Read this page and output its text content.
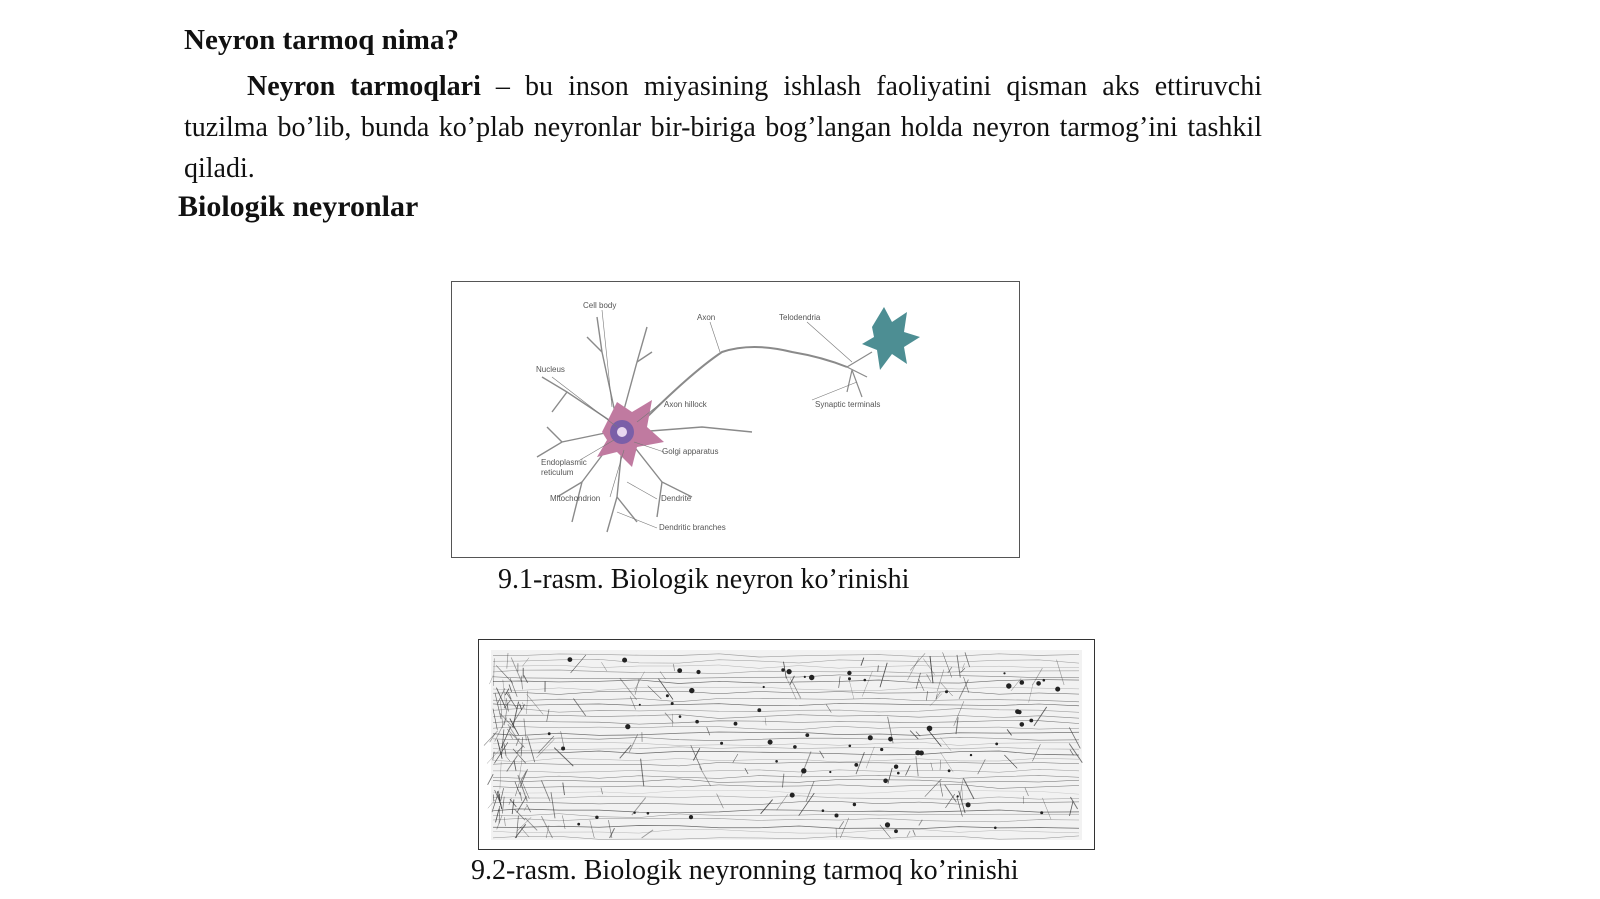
Neyron tarmoq nima?

Neyron tarmoqlari – bu inson miyasining ishlash faoliyatini qisman aks ettiruvchi tuzilma bo’lib, bunda ko’plab neyronlar bir-biriga bog’langan holda neyron tarmog’ini tashkil qiladi.

Biologik neyronlar
Cell body
Axon	Telodendria
Nucleus
Axon hillock	Synaptic terminals
Golgi apparatus
Endoplasmic
reticulum
Mitochondrion	Dendrite
Dendritic branches
9.1-rasm. Biologik neyron ko’rinishi
9.2-rasm. Biologik neyronning tarmoq ko’rinishi
